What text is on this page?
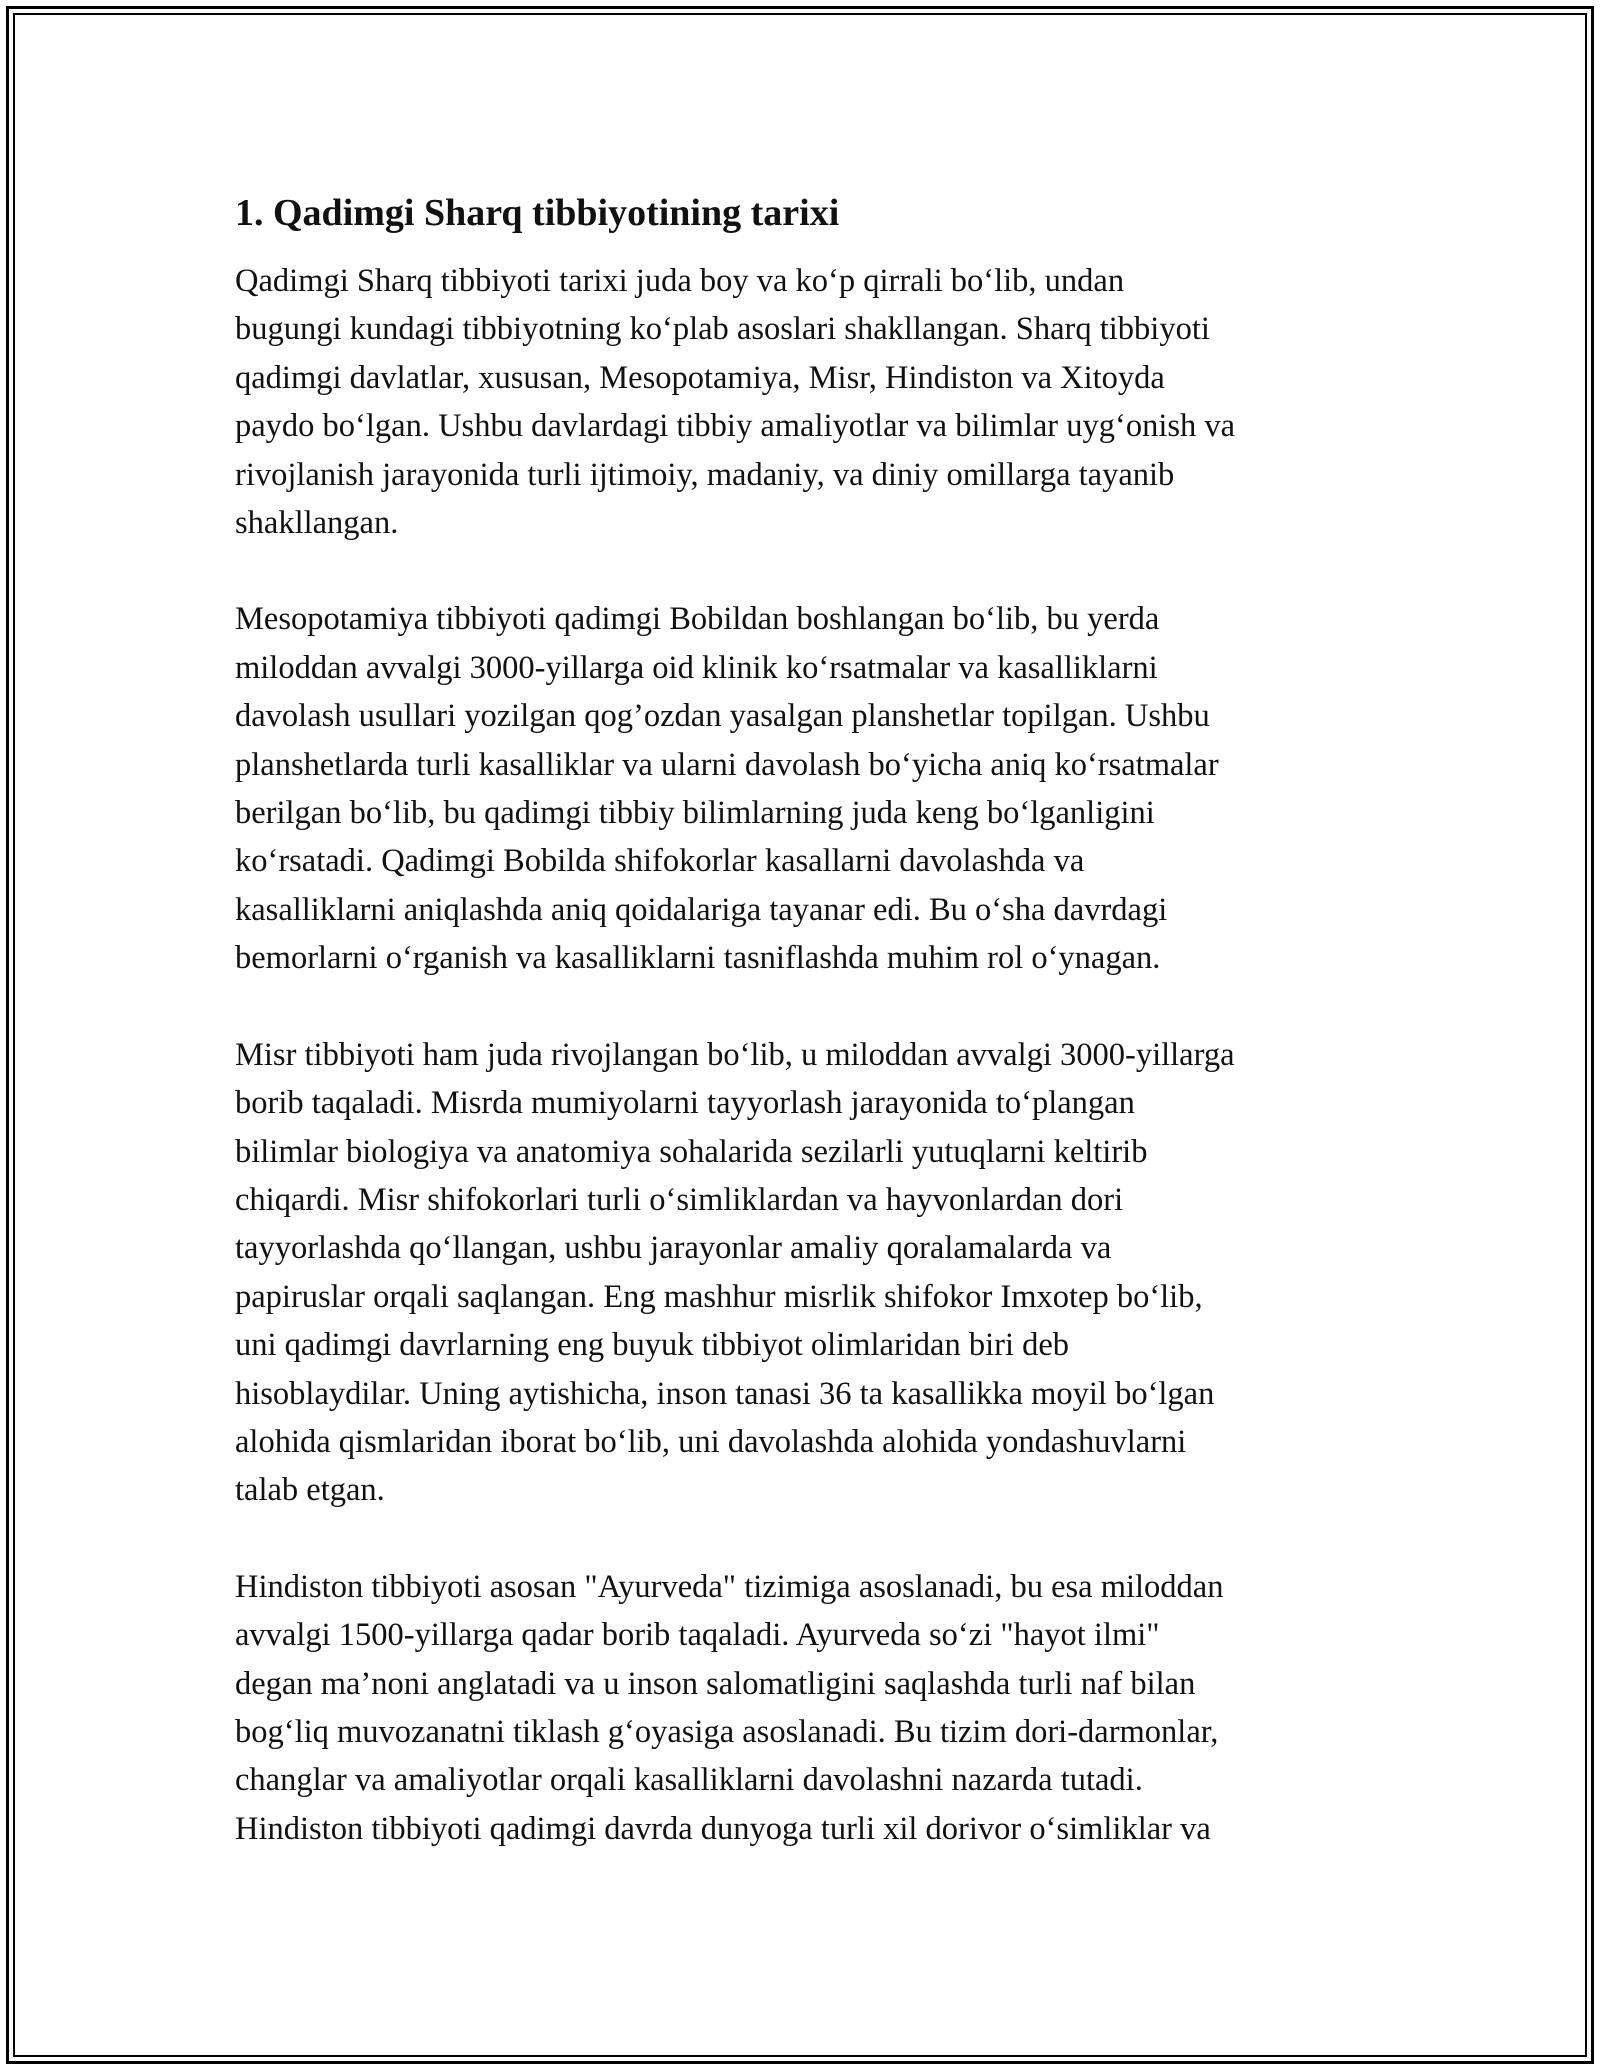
1. Qadimgi Sharq tibbiyotining tarixi

Qadimgi Sharq tibbiyoti tarixi juda boy va ko‘p qirrali bo‘lib, undan
bugungi kundagi tibbiyotning ko‘plab asoslari shakllangan. Sharq tibbiyoti
qadimgi davlatlar, xususan, Mesopotamiya, Misr, Hindiston va Xitoyda
paydo bo‘lgan. Ushbu davlardagi tibbiy amaliyotlar va bilimlar uyg‘onish va
rivojlanish jarayonida turli ijtimoiy, madaniy, va diniy omillarga tayanib
shakllangan.

Mesopotamiya tibbiyoti qadimgi Bobildan boshlangan bo‘lib, bu yerda
miloddan avvalgi 3000-yillarga oid klinik ko‘rsatmalar va kasalliklarni
davolash usullari yozilgan qog’ozdan yasalgan planshetlar topilgan. Ushbu
planshetlarda turli kasalliklar va ularni davolash bo‘yicha aniq ko‘rsatmalar
berilgan bo‘lib, bu qadimgi tibbiy bilimlarning juda keng bo‘lganligini
ko‘rsatadi. Qadimgi Bobilda shifokorlar kasallarni davolashda va
kasalliklarni aniqlashda aniq qoidalariga tayanar edi. Bu o‘sha davrdagi
bemorlarni o‘rganish va kasalliklarni tasniflashda muhim rol o‘ynagan.

Misr tibbiyoti ham juda rivojlangan bo‘lib, u miloddan avvalgi 3000-yillarga
borib taqaladi. Misrda mumiyolarni tayyorlash jarayonida to‘plangan
bilimlar biologiya va anatomiya sohalarida sezilarli yutuqlarni keltirib
chiqardi. Misr shifokorlari turli o‘simliklardan va hayvonlardan dori
tayyorlashda qo‘llangan, ushbu jarayonlar amaliy qoralamalarda va
papiruslar orqali saqlangan. Eng mashhur misrlik shifokor Imxotep bo‘lib,
uni qadimgi davrlarning eng buyuk tibbiyot olimlaridan biri deb
hisoblaydilar. Uning aytishicha, inson tanasi 36 ta kasallikka moyil bo‘lgan
alohida qismlaridan iborat bo‘lib, uni davolashda alohida yondashuvlarni
talab etgan.

Hindiston tibbiyoti asosan "Ayurveda" tizimiga asoslanadi, bu esa miloddan
avvalgi 1500-yillarga qadar borib taqaladi. Ayurveda so‘zi "hayot ilmi"
degan ma’noni anglatadi va u inson salomatligini saqlashda turli naf bilan
bog‘liq muvozanatni tiklash g‘oyasiga asoslanadi. Bu tizim dori-darmonlar,
changlar va amaliyotlar orqali kasalliklarni davolashni nazarda tutadi.
Hindiston tibbiyoti qadimgi davrda dunyoga turli xil dorivor o‘simliklar va
